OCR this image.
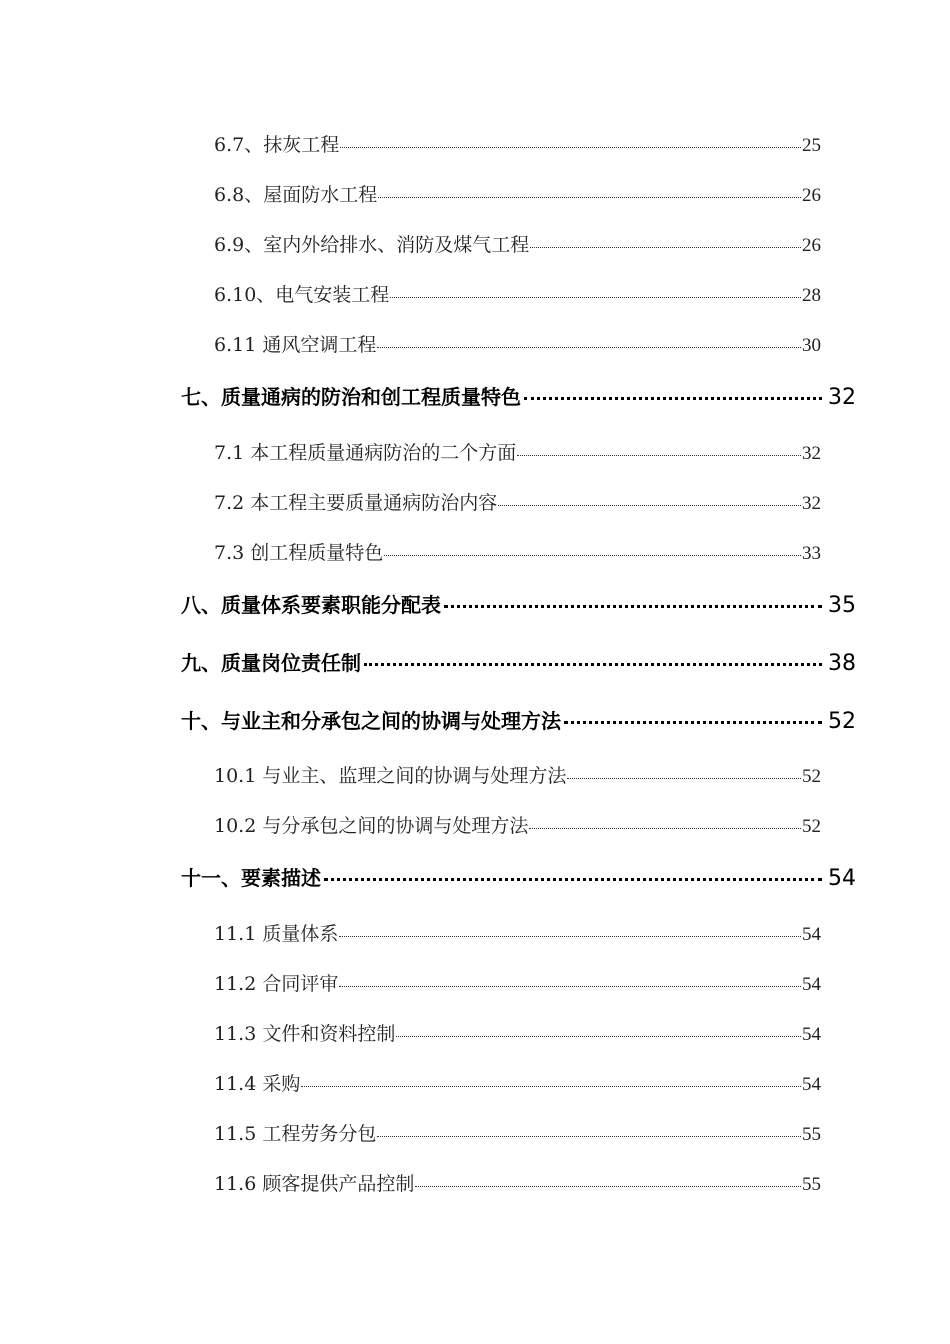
6.7、抹灰工程	25
6.8、屋面防水工程	26
6.9、室内外给排水、消防及煤气工程	26
6.10、电气安装工程	28
6.11 通风空调工程	30
七、质量通病的防治和创工程质量特色	32
7.1 本工程质量通病防治的二个方面	32
7.2 本工程主要质量通病防治内容	32
7.3 创工程质量特色	33
八、质量体系要素职能分配表	35
九、质量岗位责任制	38
十、与业主和分承包之间的协调与处理方法	52
10.1 与业主、监理之间的协调与处理方法	52
10.2 与分承包之间的协调与处理方法	52
十一、要素描述	54
11.1 质量体系	54
11.2 合同评审	54
11.3 文件和资料控制	54
11.4 采购	54
11.5 工程劳务分包	55
11.6 顾客提供产品控制	55
